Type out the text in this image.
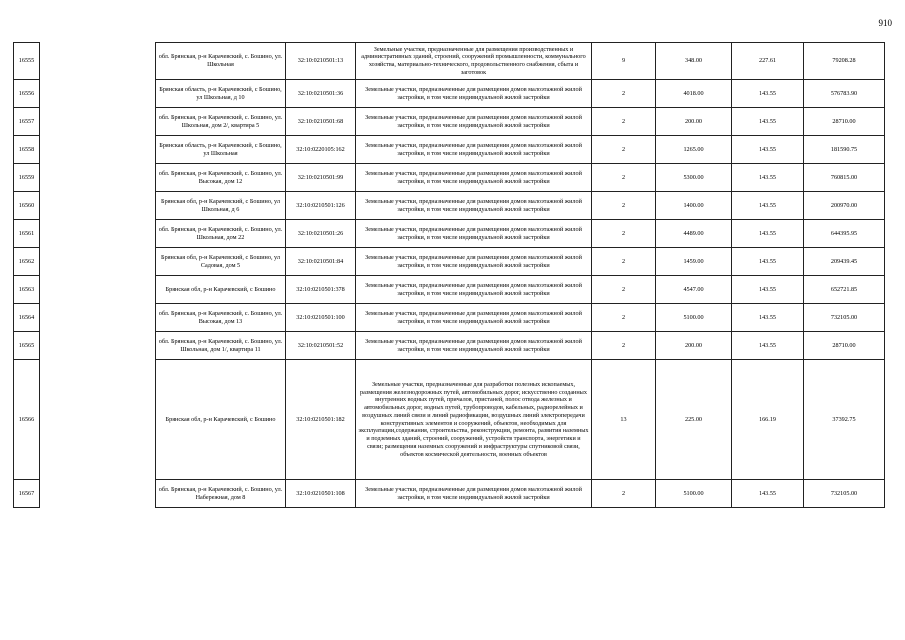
910
16555		обл. Брянская, р-н Карачевский, с. Бошино, ул. Школьная	32:10:0210501:13	Земельные участки, предназначенные для размещения производственных и административных зданий, строений, сооружений промышленности, коммунального хозяйства, материально-технического, продовольственного снабжения, сбыта и заготовок	9	348.00	227.61	79208.28
16556		Брянская область, р-н Карачевский, с Бошино, ул Школьная, д 10	32:10:0210501:36	Земельные участки, предназначенные для размещения домов малоэтажной жилой застройки, в том числе индивидуальной жилой застройки	2	4018.00	143.55	576783.90
16557		обл. Брянская, р-н Карачевский, с. Бошино, ул. Школьная, дом 2/, квартира 5	32:10:0210501:68	Земельные участки, предназначенные для размещения домов малоэтажной жилой застройки, в том числе индивидуальной жилой застройки	2	200.00	143.55	28710.00
16558		Брянская область, р-н Карачевский, с Бошино, ул Школьная	32:10:0220105:162	Земельные участки, предназначенные для размещения домов малоэтажной жилой застройки, в том числе индивидуальной жилой застройки	2	1265.00	143.55	181590.75
16559		обл. Брянская, р-н Карачевский, с. Бошино, ул. Высокая, дом 12	32:10:0210501:99	Земельные участки, предназначенные для размещения домов малоэтажной жилой застройки, в том числе индивидуальной жилой застройки	2	5300.00	143.55	760815.00
16560		Брянская обл, р-н Карачевский, с Бошино, ул Школьная, д 6	32:10:0210501:126	Земельные участки, предназначенные для размещения домов малоэтажной жилой застройки, в том числе индивидуальной жилой застройки	2	1400.00	143.55	200970.00
16561		обл. Брянская, р-н Карачевский, с. Бошино, ул. Школьная, дом 22	32:10:0210501:26	Земельные участки, предназначенные для размещения домов малоэтажной жилой застройки, в том числе индивидуальной жилой застройки	2	4489.00	143.55	644395.95
16562		Брянская обл, р-н Карачевский, с Бошино, ул Садовая, дом 5	32:10:0210501:84	Земельные участки, предназначенные для размещения домов малоэтажной жилой застройки, в том числе индивидуальной жилой застройки	2	1459.00	143.55	209439.45
16563		Брянская обл, р-н Карачевский, с Бошино	32:10:0210501:378	Земельные участки, предназначенные для размещения домов малоэтажной жилой застройки, в том числе индивидуальной жилой застройки	2	4547.00	143.55	652721.85
16564		обл. Брянская, р-н Карачевский, с. Бошино, ул. Высокая, дом 13	32:10:0210501:100	Земельные участки, предназначенные для размещения домов малоэтажной жилой застройки, в том числе индивидуальной жилой застройки	2	5100.00	143.55	732105.00
16565		обл. Брянская, р-н Карачевский, с. Бошино, ул. Школьная, дом 1/, квартира 11	32:10:0210501:52	Земельные участки, предназначенные для размещения домов малоэтажной жилой застройки, в том числе индивидуальной жилой застройки	2	200.00	143.55	28710.00
16566		Брянская обл, р-н Карачевский, с Бошино	32:10:0210501:182	Земельные участки, предназначенные для разработки полезных ископаемых, размещения железнодорожных путей, автомобильных дорог, искусственно созданных внутренних водных путей, причалов, пристаней, полос отвода железных и автомобильных дорог, водных путей, трубопроводов, кабельных, радиорелейных и воздушных линий связи и линий радиофикации, воздушных линий электропередачи конструктивных элементов и сооружений, объектов, необходимых для эксплуатации,содержания, строительства, реконструкции, ремонта, развития наземных и подземных зданий, строений, сооружений, устройств транспорта, энергетики и связи; размещения наземных сооружений и инфраструктуры спутниковой связи, объектов космической деятельности, военных объектов	13	225.00	166.19	37392.75
16567		обл. Брянская, р-н Карачевский, с. Бошино, ул. Набережная, дом 8	32:10:0210501:108	Земельные участки, предназначенные для размещения домов малоэтажной жилой застройки, в том числе индивидуальной жилой застройки	2	5100.00	143.55	732105.00
